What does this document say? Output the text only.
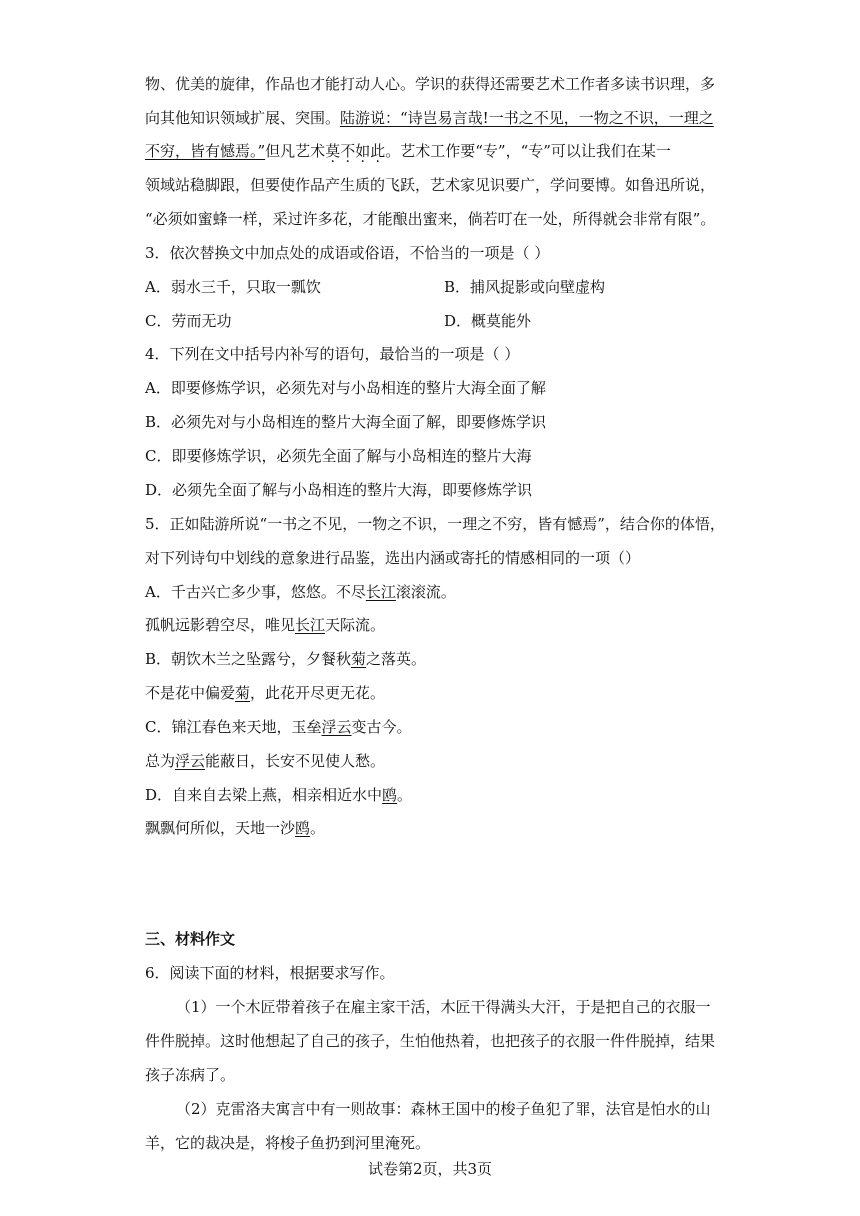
物、优美的旋律，作品也才能打动人心。学识的获得还需要艺术工作者多读书识理，多
向其他知识领域扩展、突围。陆游说：“诗岂易言哉!一书之不见，一物之不识，一理之
不穷，皆有憾焉。”但凡艺术莫不如此。艺术工作要“专”，“专”可以让我们在某一
领域站稳脚跟，但要使作品产生质的飞跃，艺术家见识要广，学问要博。如鲁迅所说，
“必须如蜜蜂一样，采过许多花，才能酿出蜜来，倘若叮在一处，所得就会非常有限”。
3．依次替换文中加点处的成语或俗语，不恰当的一项是（ ）
A．弱水三千，只取一瓢饮	B．捕风捉影或向壁虚构
C．劳而无功	D．概莫能外
4．下列在文中括号内补写的语句，最恰当的一项是（ ）
A．即要修炼学识，必须先对与小岛相连的整片大海全面了解
B．必须先对与小岛相连的整片大海全面了解，即要修炼学识
C．即要修炼学识，必须先全面了解与小岛相连的整片大海
D．必须先全面了解与小岛相连的整片大海，即要修炼学识
5．正如陆游所说“一书之不见，一物之不识，一理之不穷，皆有憾焉”，结合你的体悟，
对下列诗句中划线的意象进行品鉴，选出内涵或寄托的情感相同的一项（）
A．千古兴亡多少事，悠悠。不尽长江滚滚流。
孤帆远影碧空尽，唯见长江天际流。
B．朝饮木兰之坠露兮，夕餐秋菊之落英。
不是花中偏爱菊，此花开尽更无花。
C．锦江春色来天地，玉垒浮云变古今。
总为浮云能蔽日，长安不见使人愁。
D．自来自去梁上燕，相亲相近水中鸥。
飘飘何所似，天地一沙鸥。
三、材料作文
6．阅读下面的材料，根据要求写作。
（1）一个木匠带着孩子在雇主家干活，木匠干得满头大汗，于是把自己的衣服一
件件脱掉。这时他想起了自己的孩子，生怕他热着，也把孩子的衣服一件件脱掉，结果
孩子冻病了。
（2）克雷洛夫寓言中有一则故事：森林王国中的梭子鱼犯了罪，法官是怕水的山
羊，它的裁决是，将梭子鱼扔到河里淹死。
试卷第2页，共3页
